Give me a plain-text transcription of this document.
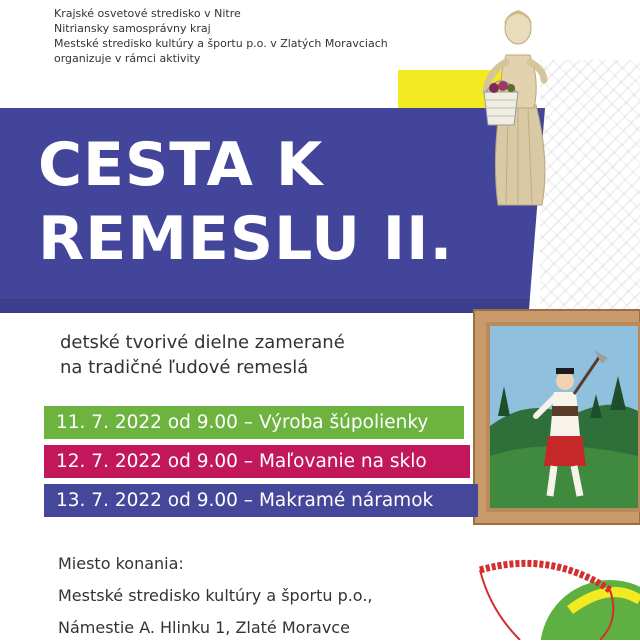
Krajské osvetové stredisko v Nitre
Nitriansky samosprávny kraj
Mestské stredisko kultúry a športu p.o. v Zlatých Moravciach
organizuje v rámci aktivity
CESTA K
REMESLU II.
detské tvorivé dielne zamerané
na tradičné ľudové remeslá
11. 7. 2022 od 9.00 – Výroba šúpolienky
12. 7. 2022 od 9.00 – Maľovanie na sklo
13. 7. 2022 od 9.00 – Makramé náramok
Miesto konania:
Mestské stredisko kultúry a športu p.o.,
Námestie A. Hlinku 1, Zlaté Moravce
